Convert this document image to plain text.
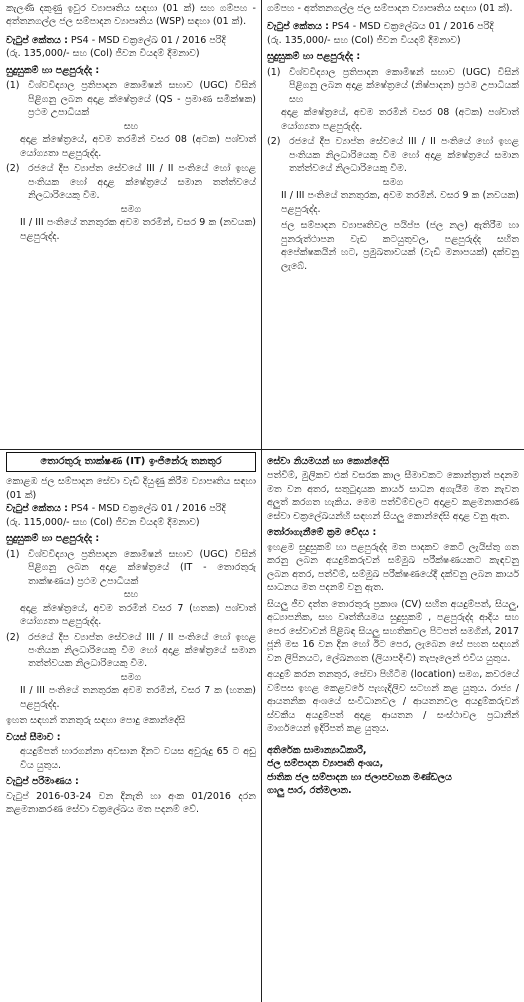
කැලණි දකුණු ඉවුර ව්‍යාපෘතිය සඳහා (01 ක්) සහ ගම්පහ - අත්තනගල්ල ජල සම්පාදන ව්‍යාපෘතිය (WSP) සඳහා (01 ක්).

වැටුප් කේතය : PS4 - MSD චක්‍රලේඛ 01 / 2016 පරිදි

(රු. 135,000/- සහ (Col) ජීවන වියදම් දීමනාව)

සුදුසුකම් හා පළපුරුද්ද :

(1) විශ්වවිද්‍යාල ප්‍රතිපාදන කොමිෂන් සභාව (UGC) විසින් පිළිගනු ලබන අදාළ ක්ෂේත්‍රයේ (QS - ප්‍රමාණ සමීක්ෂක) ප්‍රථම උපාධියක්

සහ

අදාළ ක්ෂේත්‍රයේ, අවම තරමින් වසර 08 (අටක) පශ්චාත් යෝග්‍යතා පළපුරුද්ද.

(2) රජයේ දීප ව්‍යාප්ත සේවයේ III / II පංතියේ හෝ ඉහළ පංතියක හෝ අදාළ ක්ෂේත්‍රයේ සමාන තත්ත්වයේ නිලධාරියෙකු වීම.

සමග

II / III පංතියේ තනතුරක අවම තරමින්, වසර 9 ක (නවයක) පළපුරුද්ද.

ගම්පහ - අත්තනගල්ල ජල සම්පාදන ව්‍යාපෘතිය සඳහා (01 ක්).

වැටුප් කේතය : PS4 - MSD චක්‍රලේඛය 01 / 2016 පරිදි

(රු. 135,000/- සහ (Col) ජීවන වියදම් දීමනාව)

සුදුසුකම් හා පළපුරුද්ද :

(1) විශ්වවිද්‍යාල ප්‍රතිපාදන කොමිෂන් සභාව (UGC) විසින් පිළිගනු ලබන අදාළ ක්ෂේත්‍රයේ (නිෂ්පාදන) ප්‍රථම උපාධියක් සහ

අදාළ ක්ෂේත්‍රයේ, අවම තරමින් වසර 08 (අටක) පශ්චාත් යෝග්‍යතා පළපුරුද්ද.

(2) රජයේ දීප ව්‍යාප්ත සේවයේ III / II පංතියේ හෝ ඉහළ පංතියක නිලධාරියෙකු වීම හෝ අදාළ ක්ෂේත්‍රයේ සමාන තත්ත්වයේ නිලධාරියෙකු වීම.

සමග

II / III පංතියේ තනතුරක, අවම තරමින්. වසර 9 ක (නවයක) පළපුරුද්ද.

ජල සම්පාදන ව්‍යාපෘතිවල පයිප්ප (ජල නල) ඇතිරීම හා පුනරුත්ථාපන වැඩ කටයුතුවල, පළපුරුද්ද සහිත අපේක්ෂකයින් හට, ප්‍රමුඛතාවයක් (වැඩි මනාපයක්) දක්වනු ලැබේ.

තොරතුරු තාක්ෂණ (IT) ඉංජිනේරු තනතුර

කොළඹ ජල සම්පාදන සේවා වැඩි දියුණු කිරීම ව්‍යාපෘතිය සඳහා (01 ක්)

වැටුප් කේතය : PS4 - MSD චක්‍රලේඛ 01 / 2016 පරිදි

(රු. 115,000/- සහ (Col) ජීවන වියදම් දීමනාව)

සුදුසුකම් හා පළපුරුද්ද :

(1) විශ්වවිද්‍යාල ප්‍රතිපාදන කොමිෂන් සභාව (UGC) විසින් පිළිගනු ලබන අදාළ ක්ෂේත්‍රයේ (IT - තොරතුරු තාක්ෂණය) ප්‍රථම උපාධියක්

සහ

අදාළ ක්ෂේත්‍රයේ, අවම තරමින් වසර 7 (හතක) පශ්චාත් යෝග්‍යතා පළපුරුද්ද.

(2) රජයේ දීප ව්‍යාප්ත සේවයේ III / II පංතියේ හෝ ඉහළ පංතියක නිලධාරියෙකු වීම හෝ අදාළ ක්ෂේත්‍රයේ සමාන තත්ත්වයක නිලධාරියෙකු වීම.

සමග

II / III පංතියේ තනතුරක අවම තරමින්, වසර 7 ක (හතක) පළපුරුද්ද.

ඉහත සඳහන් තනතුරු සඳහා පොදු කොන්දේසි

වයස් සීමාව :

අයදුම්පත් භාරගන්නා අවසාන දිනට වයස අවුරුදු 65 ට අඩු විය යුතුය.

වැටුප් පරිමාණය :

වැටුප් 2016-03-24 වන දිනැති හා අංක 01/2016 දරන කළමනාකරණ සේවා චක්‍රලේඛය මත පදනම් වේ.

සේවා නියමයන් හා කොන්දේසි

පත්වීම්, මුලිකව එක් වසරක කාල සීමාවකට කොන්ත්‍රාත් පදනම මත වන අතර, සතුටුදායක කාර්ය සාධන අගැයීම මත නැවත අලුත් කරගත හැකිය. මෙම පත්වීම්වලට අදාළව කළමනාකරණ සේවා චක්‍රලේඛයන්හි සඳහන් සියලු කොන්දේසි අදාළ වනු ඇත.

තෝරාගැනීමේ ක්‍රම වේදය :

ඉහළම සුදුසුකම් හා පළපුරුද්ද මත පාදකව කෙටි ලැයිස්තු ගත කරනු ලබන අයදුම්කරුවන් සම්මුඛ පරීක්ෂණයකට කැඳවනු ලබන අතර, පත්වීම්, සම්මුඛ පරීක්ෂණයේදී දක්වනු ලබන කාර්ය සාධනය මත පදනම් වනු ඇත.

සියලු ජීව දත්ත තොරතුරු ප්‍රකාශ (CV) සහිත අයදුම්පත්, සියලු, අධ්‍යාපනික, සහ වෘත්තීයමය සුදුසුකම් , පළපුරුද්ද ආදිය සහ පෙර සේවාවන් පිළිබඳ සියලු සහතිකවල පිටපත් සමගින්, 2017 ජූනි මස 16 වන දින හෝ ඊට පෙර, ලැබෙන සේ පහත සඳහන් වන ලිපිනයට, ලේඛනගත (ලියාපදිංචි) තැපෑලෙන් එවිය යුතුය.

අයදුම් කරන තනතුර, සේවා පිහිටීම (location) සමග, කවරයේ වම්පස ඉහළ කෙළවරේ පැහැදිලිව සටහන් කළ යුතුය. රාජ්‍ය / ආයතනික අංශයේ සංවිධානවල / ආයතනවල අයදුම්කරුවන් ස්වකීය අයදුම්පත් අදාළ ආයතන / සංස්ථාවල ප්‍රධානීන් මාර්ගයෙන් ඉදිරිපත් කළ යුතුය.

අතිරේක සාමාන්‍යාධිකාරී,

ජල සම්පාදන ව්‍යාපෘති අංශය,

ජාතික ජල සම්පාදන හා ජලාපවහන මණ්ඩලය

ගාලු පාර, රත්මලාන.
